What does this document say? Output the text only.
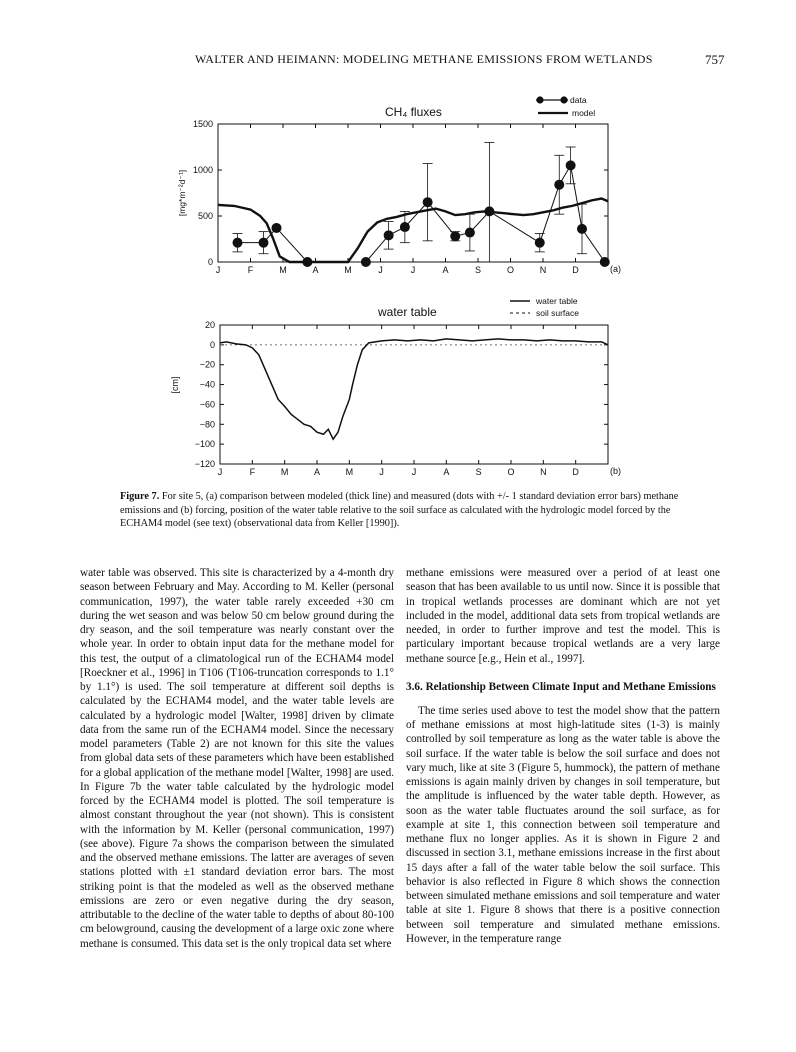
WALTER AND HEIMANN: MODELING METHANE EMISSIONS FROM WETLANDS	757
CH₄ fluxes
data
model
0
500
1000
1500
J	F	M	A	M	J	J	A	S	O	N	D
[mg*m⁻²d⁻¹]
(a)
water table
water table
soil surface
20
0
−20
−40
−60
−80
−100
−120
J	F	M	A	M	J	J	A	S	O	N	D
[cm]
(b)
Figure 7. For site 5, (a) comparison between modeled (thick line) and measured (dots with +/- 1 standard deviation error bars) methane emissions and (b) forcing, position of the water table relative to the soil surface as calculated with the hydrologic model forced by the ECHAM4 model (see text) (observational data from Keller [1990]).

water table was observed. This site is characterized by a 4-month dry season between February and May. According to M. Keller (personal communication, 1997), the water table rarely exceeded +30 cm during the wet season and was below 50 cm below ground during the dry season, and the soil temperature was nearly constant over the whole year. In order to obtain input data for the methane model for this test, the output of a climatological run of the ECHAM4 model [Roeckner et al., 1996] in T106 (T106-truncation corresponds to 1.1° by 1.1°) is used. The soil temperature at different soil depths is calculated by the ECHAM4 model, and the water table levels are calculated by a hydrologic model [Walter, 1998] driven by climate data from the same run of the ECHAM4 model. Since the necessary model parameters (Table 2) are not known for this site the values from global data sets of these parameters which have been established for a global application of the methane model [Walter, 1998] are used. In Figure 7b the water table calculated by the hydrologic model forced by the ECHAM4 model is plotted. The soil temperature is almost constant throughout the year (not shown). This is consistent with the information by M. Keller (personal communication, 1997) (see above). Figure 7a shows the comparison between the simulated and the observed methane emissions. The latter are averages of seven stations plotted with ±1 standard deviation error bars. The most striking point is that the modeled as well as the observed methane emissions are zero or even negative during the dry season, attributable to the decline of the water table to depths of about 80-100 cm belowground, causing the development of a large oxic zone where methane is consumed. This data set is the only tropical data set where

methane emissions were measured over a period of at least one season that has been available to us until now. Since it is possible that in tropical wetlands processes are dominant which are not yet included in the model, additional data sets from tropical wetlands are needed, in order to further improve and test the model. This is particulary important because tropical wetlands are a very large methane source [e.g., Hein et al., 1997].

3.6. Relationship Between Climate Input and Methane Emissions

The time series used above to test the model show that the pattern of methane emissions at most high-latitude sites (1-3) is mainly controlled by soil temperature as long as the water table is above the soil surface. If the water table is below the soil surface and does not vary much, like at site 3 (Figure 5, hummock), the pattern of methane emissions is again mainly driven by changes in soil temperature, but the amplitude is influenced by the water table depth. However, as soon as the water table fluctuates around the soil surface, as for example at site 1, this connection between soil temperature and methane flux no longer applies. As it is shown in Figure 2 and discussed in section 3.1, methane emissions increase in the first about 15 days after a fall of the water table below the soil surface. This behavior is also reflected in Figure 8 which shows the connection between simulated methane emissions and soil temperature and water table at site 1. Figure 8 shows that there is a positive connection between soil temperature and simulated methane emissions. However, in the temperature range
